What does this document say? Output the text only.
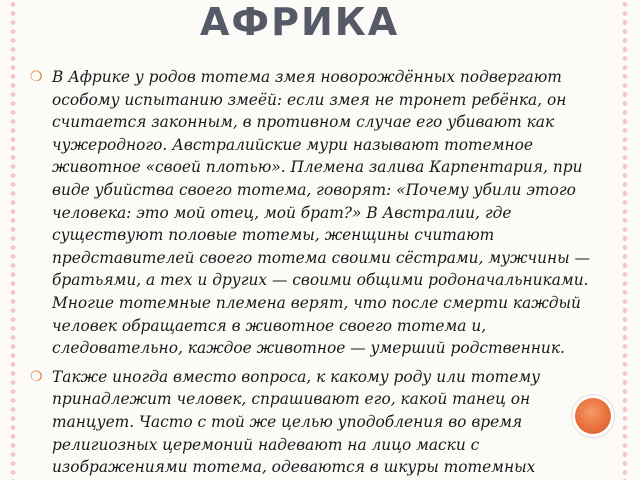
АФРИКА
❍ В Африке у родов тотема змея новорождённых подвергают особому испытанию змеёй: если змея не тронет ребёнка, он считается законным, в противном случае его убивают как чужеродного. Австралийские мури называют тотемное животное «своей плотью». Племена залива Карпентария, при виде убийства своего тотема, говорят: «Почему убили этого человека: это мой отец, мой брат?» В Австралии, где существуют половые тотемы, женщины считают представителей своего тотема своими сёстрами, мужчины — братьями, а тех и других — своими общими родоначальниками. Многие тотемные племена верят, что после смерти каждый человек обращается в животное своего тотема и, следовательно, каждое животное — умерший родственник.
❍ Также иногда вместо вопроса, к какому роду или тотему принадлежит человек, спрашивают его, какой танец он танцует. Часто с той же целью уподобления во время религиозных церемоний надевают на лицо маски с изображениями тотема, одеваются в шкуры тотемных
